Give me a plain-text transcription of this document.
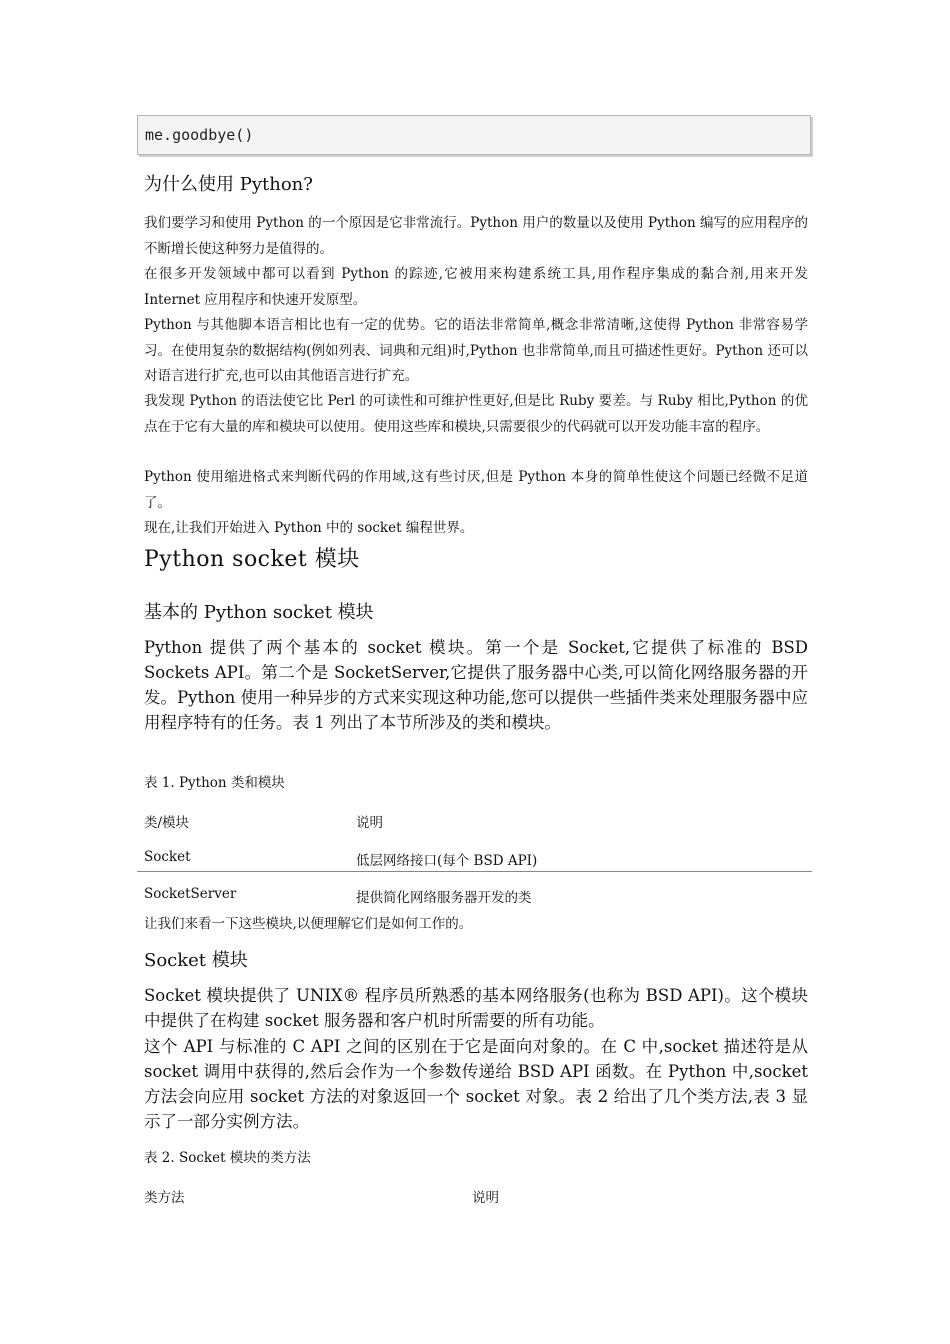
me.goodbye()
为什么使用 Python?
我们要学习和使用 Python 的一个原因是它非常流行。Python 用户的数量以及使用 Python 编写的应用程序的不断增长使这种努力是值得的。
在很多开发领域中都可以看到 Python 的踪迹,它被用来构建系统工具,用作程序集成的黏合剂,用来开发 Internet 应用程序和快速开发原型。
Python 与其他脚本语言相比也有一定的优势。它的语法非常简单,概念非常清晰,这使得 Python 非常容易学习。在使用复杂的数据结构(例如列表、词典和元组)时,Python 也非常简单,而且可描述性更好。Python 还可以对语言进行扩充,也可以由其他语言进行扩充。
我发现 Python 的语法使它比 Perl 的可读性和可维护性更好,但是比 Ruby 要差。与 Ruby 相比,Python 的优点在于它有大量的库和模块可以使用。使用这些库和模块,只需要很少的代码就可以开发功能丰富的程序。
Python 使用缩进格式来判断代码的作用域,这有些讨厌,但是 Python 本身的简单性使这个问题已经微不足道了。
现在,让我们开始进入 Python 中的 socket 编程世界。
Python socket 模块
基本的 Python socket 模块
Python 提供了两个基本的 socket 模块。第一个是 Socket,它提供了标准的 BSD Sockets API。第二个是 SocketServer,它提供了服务器中心类,可以简化网络服务器的开发。Python 使用一种异步的方式来实现这种功能,您可以提供一些插件类来处理服务器中应用程序特有的任务。表 1 列出了本节所涉及的类和模块。
表 1. Python 类和模块
类/模块	说明
Socket	低层网络接口(每个 BSD API)
SocketServer	提供简化网络服务器开发的类
让我们来看一下这些模块,以便理解它们是如何工作的。
Socket 模块
Socket 模块提供了 UNIX® 程序员所熟悉的基本网络服务(也称为 BSD API)。这个模块中提供了在构建 socket 服务器和客户机时所需要的所有功能。
这个 API 与标准的 C API 之间的区别在于它是面向对象的。在 C 中,socket 描述符是从 socket 调用中获得的,然后会作为一个参数传递给 BSD API 函数。在 Python 中,socket 方法会向应用 socket 方法的对象返回一个 socket 对象。表 2 给出了几个类方法,表 3 显示了一部分实例方法。
表 2. Socket 模块的类方法
类方法	说明
